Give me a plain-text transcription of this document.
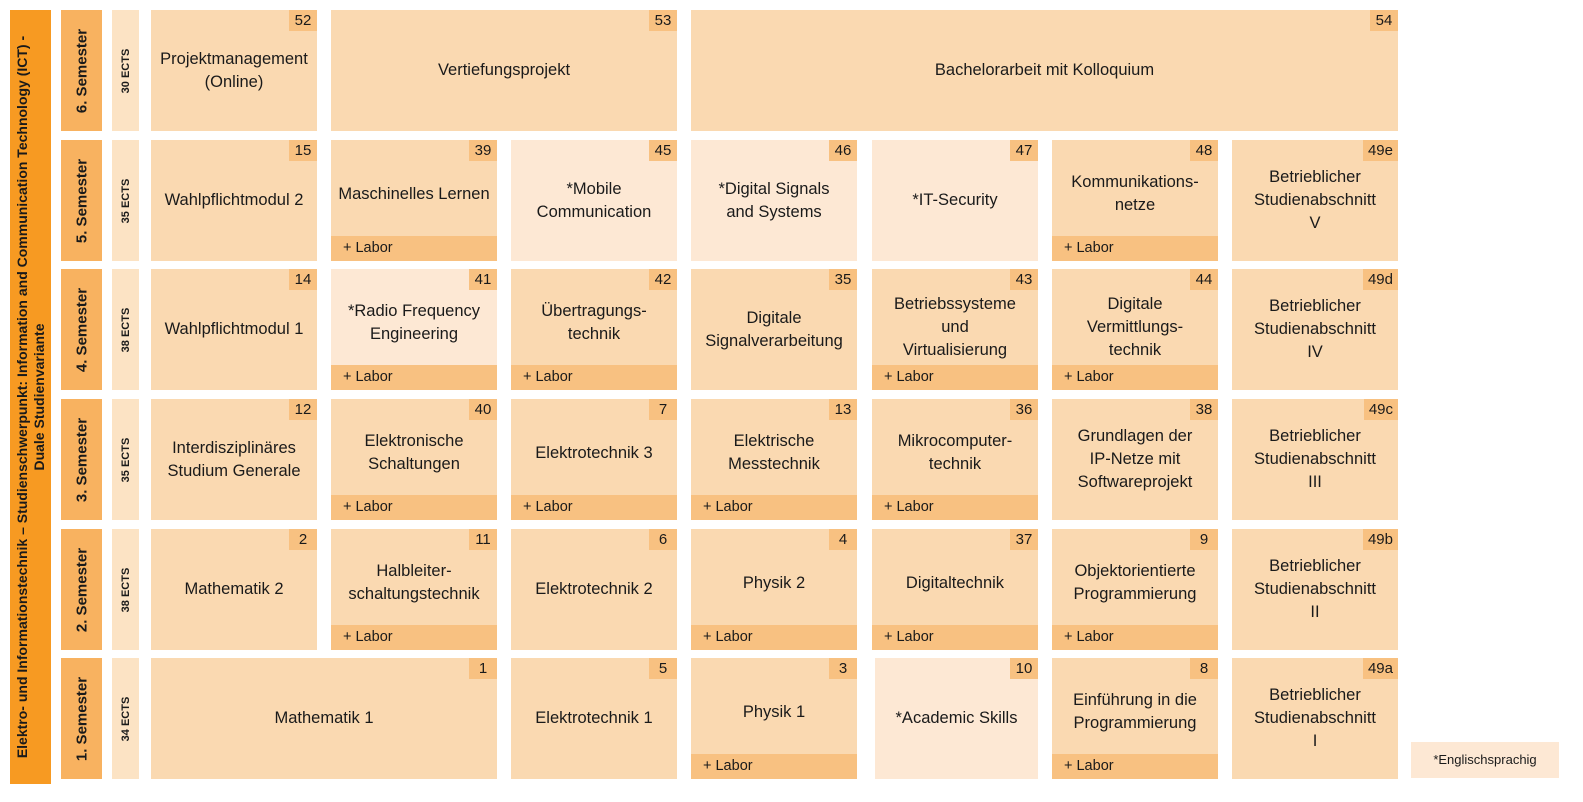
Elektro- und Informationstechnik – Studienschwerpunkt: Information and Communication Technology (ICT) - Duale Studienvariante
6. Semester	30 ECTS
5. Semester	35 ECTS
4. Semester	38 ECTS
3. Semester	35 ECTS
2. Semester	38 ECTS
1. Semester	34 ECTS
52
Projektmanagement
(Online)
53
Vertiefungsprojekt
54
Bachelorarbeit mit Kolloquium
15
Wahlpflichtmodul 2
39
Maschinelles Lernen
+ Labor
45
*Mobile
Communication
46
*Digital Signals
and Systems
47
*IT-Security
48
Kommunikations-
netze
+ Labor
49e
Betrieblicher
Studienabschnitt
V
14
Wahlpflichtmodul 1
41
*Radio Frequency
Engineering
+ Labor
42
Übertragungs-
technik
+ Labor
35
Digitale
Signalverarbeitung
43
Betriebssysteme
und
Virtualisierung
+ Labor
44
Digitale
Vermittlungs-
technik
+ Labor
49d
Betrieblicher
Studienabschnitt
IV
12
Interdisziplinäres
Studium Generale
40
Elektronische
Schaltungen
+ Labor
7
Elektrotechnik 3
+ Labor
13
Elektrische
Messtechnik
+ Labor
36
Mikrocomputer-
technik
+ Labor
38
Grundlagen der
IP-Netze mit
Softwareprojekt
49c
Betrieblicher
Studienabschnitt
III
2
Mathematik 2
11
Halbleiter-
schaltungstechnik
+ Labor
6
Elektrotechnik 2
4
Physik 2
+ Labor
37
Digitaltechnik
+ Labor
9
Objektorientierte
Programmierung
+ Labor
49b
Betrieblicher
Studienabschnitt
II
1
Mathematik 1
5
Elektrotechnik 1
3
Physik 1
+ Labor
10
*Academic Skills
8
Einführung in die
Programmierung
+ Labor
49a
Betrieblicher
Studienabschnitt
I
*Englischsprachig
